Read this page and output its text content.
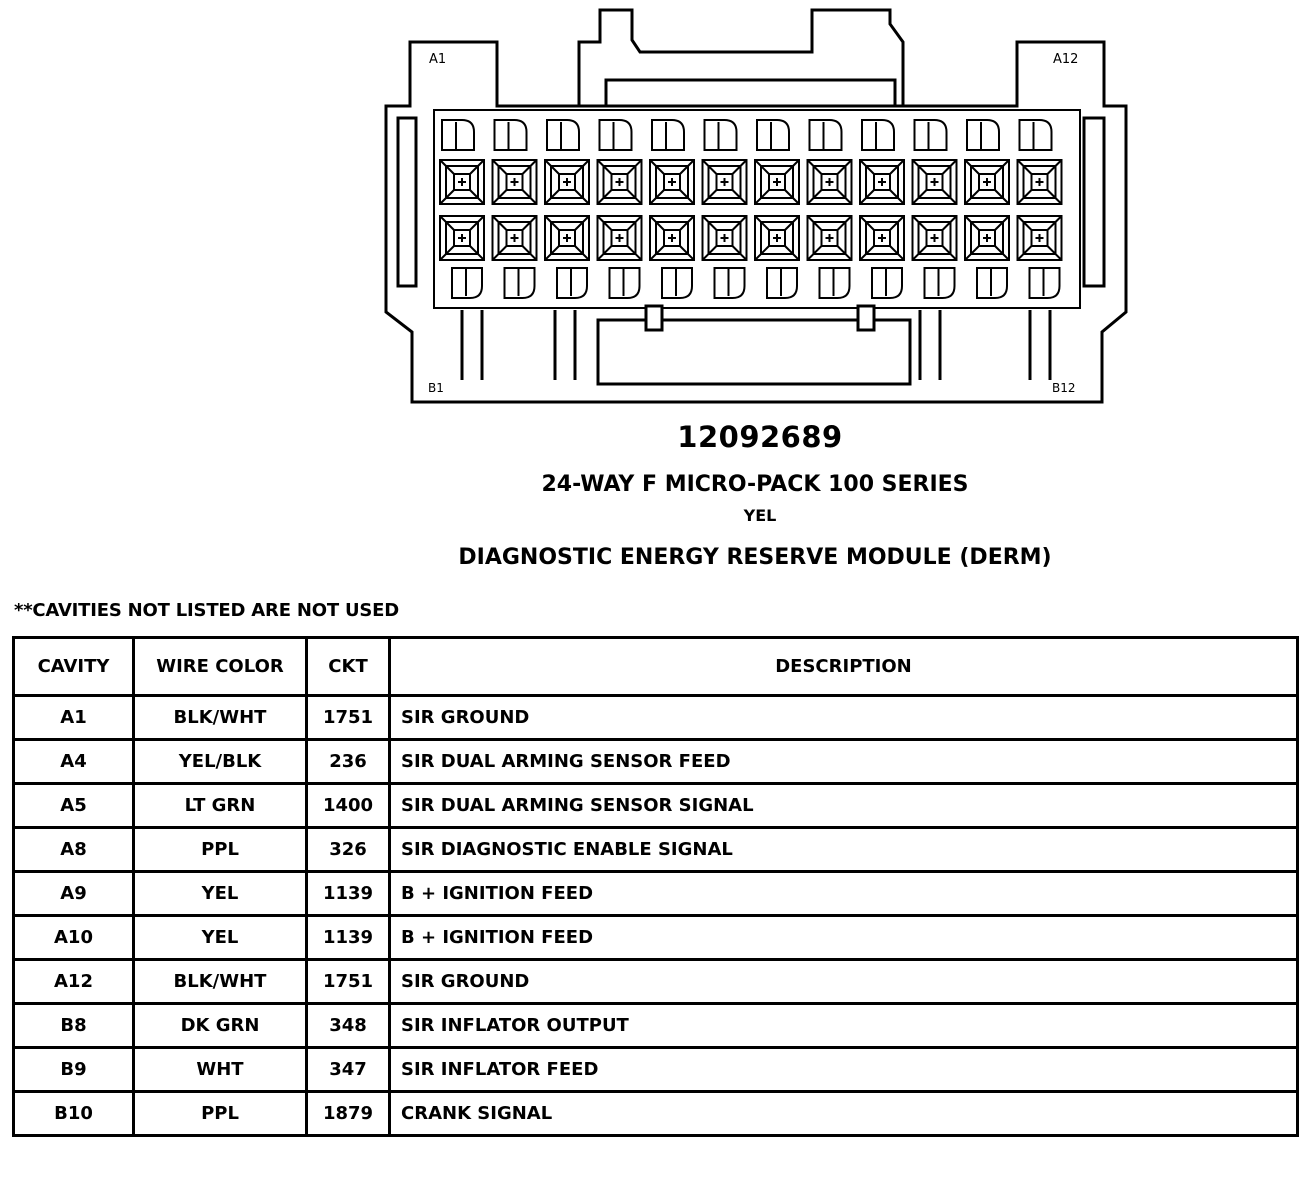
A1	A12
B1	B12
12092689
24-WAY F MICRO-PACK 100 SERIES
YEL
DIAGNOSTIC ENERGY RESERVE MODULE (DERM)
**CAVITIES NOT LISTED ARE NOT USED
CAVITY	WIRE COLOR	CKT	DESCRIPTION
A1	BLK/WHT	1751	SIR GROUND
A4	YEL/BLK	236	SIR DUAL ARMING SENSOR FEED
A5	LT GRN	1400	SIR DUAL ARMING SENSOR SIGNAL
A8	PPL	326	SIR DIAGNOSTIC ENABLE SIGNAL
A9	YEL	1139	B + IGNITION FEED
A10	YEL	1139	B + IGNITION FEED
A12	BLK/WHT	1751	SIR GROUND
B8	DK GRN	348	SIR INFLATOR OUTPUT
B9	WHT	347	SIR INFLATOR FEED
B10	PPL	1879	CRANK SIGNAL
